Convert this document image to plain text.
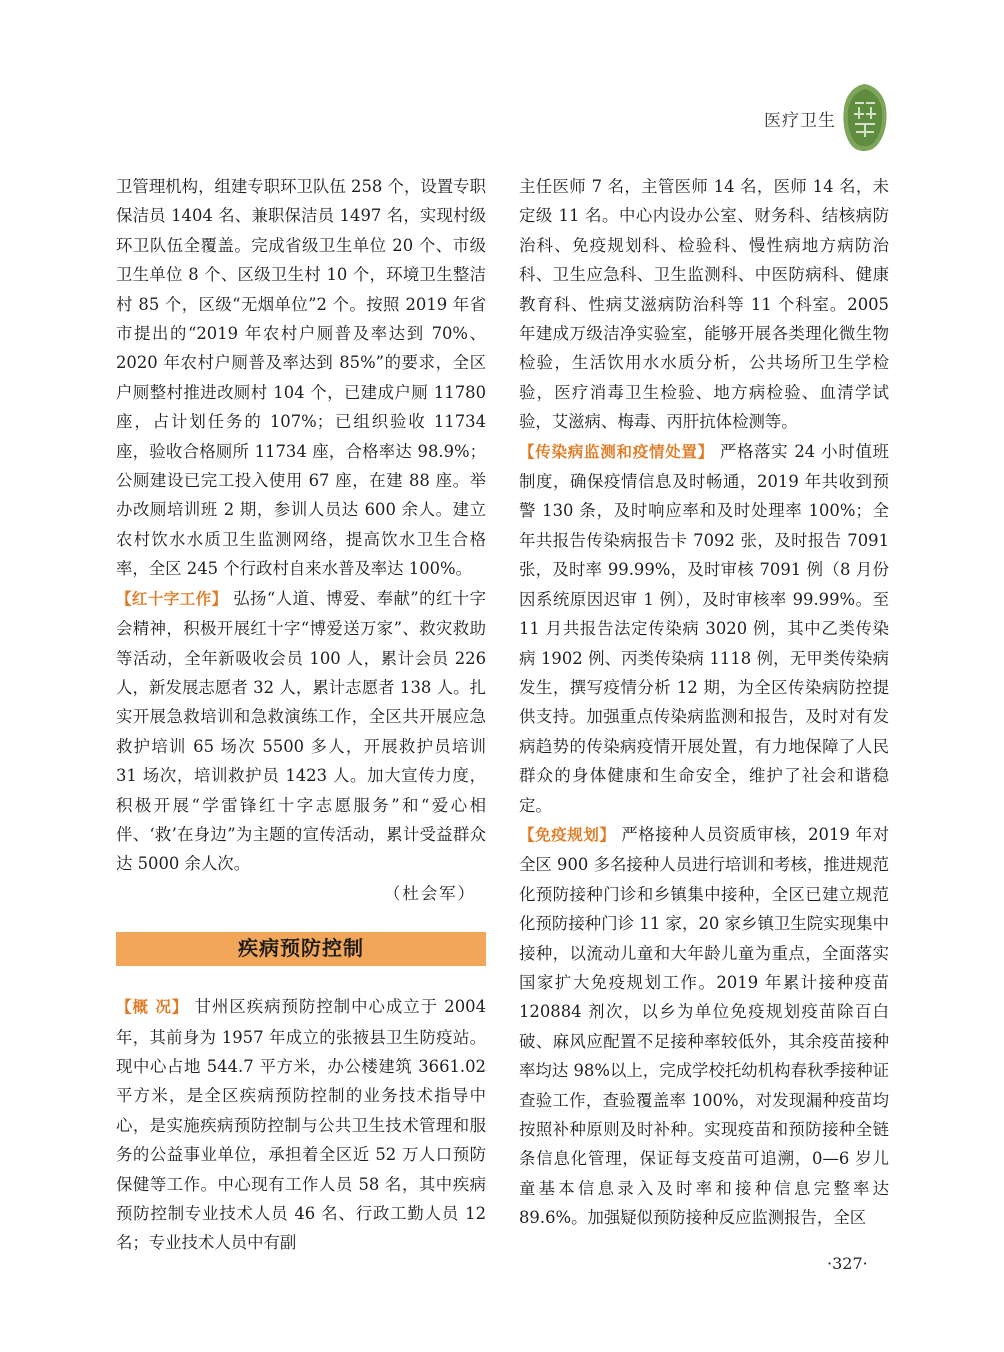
医疗卫生

卫管理机构，组建专职环卫队伍 258 个，设置专职保洁员 1404 名、兼职保洁员 1497 名，实现村级环卫队伍全覆盖。完成省级卫生单位 20 个、市级卫生单位 8 个、区级卫生村 10 个，环境卫生整洁村 85 个，区级“无烟单位”2 个。按照 2019 年省市提出的“2019 年农村户厕普及率达到 70%、2020 年农村户厕普及率达到 85%”的要求，全区户厕整村推进改厕村 104 个，已建成户厕 11780 座，占计划任务的 107%；已组织验收 11734 座，验收合格厕所 11734 座，合格率达 98.9%；公厕建设已完工投入使用 67 座，在建 88 座。举办改厕培训班 2 期，参训人员达 600 余人。建立农村饮水水质卫生监测网络，提高饮水卫生合格率，全区 245 个行政村自来水普及率达 100%。

【红十字工作】 弘扬“人道、博爱、奉献”的红十字会精神，积极开展红十字“博爱送万家”、救灾救助等活动，全年新吸收会员 100 人，累计会员 226 人，新发展志愿者 32 人，累计志愿者 138 人。扎实开展急救培训和急救演练工作，全区共开展应急救护培训 65 场次 5500 多人，开展救护员培训 31 场次，培训救护员 1423 人。加大宣传力度，积极开展“学雷锋红十字志愿服务”和“爱心相伴、‘救’在身边”为主题的宣传活动，累计受益群众达 5000 余人次。

（杜会军）

疾病预防控制

【概 况】 甘州区疾病预防控制中心成立于 2004 年，其前身为 1957 年成立的张掖县卫生防疫站。现中心占地 544.7 平方米，办公楼建筑 3661.02 平方米，是全区疾病预防控制的业务技术指导中心，是实施疾病预防控制与公共卫生技术管理和服务的公益事业单位，承担着全区近 52 万人口预防保健等工作。中心现有工作人员 58 名，其中疾病预防控制专业技术人员 46 名、行政工勤人员 12 名；专业技术人员中有副

主任医师 7 名，主管医师 14 名，医师 14 名，未定级 11 名。中心内设办公室、财务科、结核病防治科、免疫规划科、检验科、慢性病地方病防治科、卫生应急科、卫生监测科、中医防病科、健康教育科、性病艾滋病防治科等 11 个科室。2005 年建成万级洁净实验室，能够开展各类理化微生物检验，生活饮用水水质分析，公共场所卫生学检验，医疗消毒卫生检验、地方病检验、血清学试验，艾滋病、梅毒、丙肝抗体检测等。

【传染病监测和疫情处置】 严格落实 24 小时值班制度，确保疫情信息及时畅通，2019 年共收到预警 130 条，及时响应率和及时处理率 100%；全年共报告传染病报告卡 7092 张，及时报告 7091 张，及时率 99.99%，及时审核 7091 例（8 月份因系统原因迟审 1 例），及时审核率 99.99%。至 11 月共报告法定传染病 3020 例，其中乙类传染病 1902 例、丙类传染病 1118 例，无甲类传染病发生，撰写疫情分析 12 期，为全区传染病防控提供支持。加强重点传染病监测和报告，及时对有发病趋势的传染病疫情开展处置，有力地保障了人民群众的身体健康和生命安全，维护了社会和谐稳定。

【免疫规划】 严格接种人员资质审核，2019 年对全区 900 多名接种人员进行培训和考核，推进规范化预防接种门诊和乡镇集中接种，全区已建立规范化预防接种门诊 11 家，20 家乡镇卫生院实现集中接种，以流动儿童和大年龄儿童为重点，全面落实国家扩大免疫规划工作。2019 年累计接种疫苗 120884 剂次，以乡为单位免疫规划疫苗除百白破、麻风应配置不足接种率较低外，其余疫苗接种率均达 98%以上，完成学校托幼机构春秋季接种证查验工作，查验覆盖率 100%，对发现漏种疫苗均按照补种原则及时补种。实现疫苗和预防接种全链条信息化管理，保证每支疫苗可追溯，0—6 岁儿童基本信息录入及时率和接种信息完整率达 89.6%。加强疑似预防接种反应监测报告，全区

·327·
